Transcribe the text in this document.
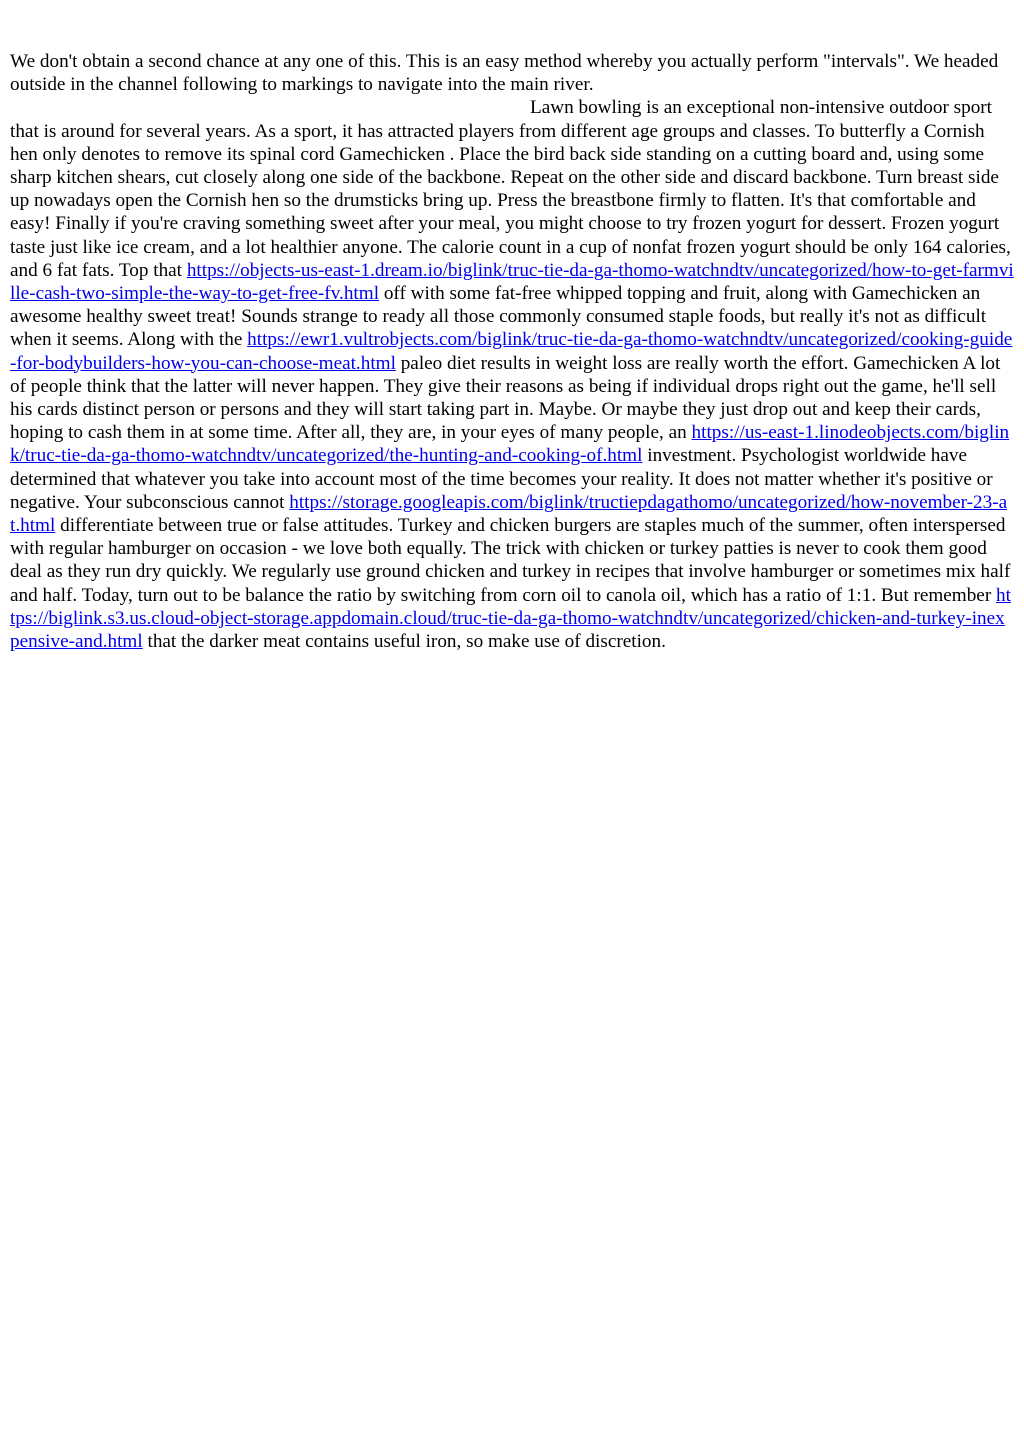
We don't obtain a second chance at any one of this. This is an easy method whereby you actually perform "intervals". We headed outside in the channel following to markings to navigate into the main river.
Lawn bowling is an exceptional non-intensive outdoor sport that is around for several years. As a sport, it has attracted players from different age groups and classes. To butterfly a Cornish hen only denotes to remove its spinal cord Gamechicken . Place the bird back side standing on a cutting board and, using some sharp kitchen shears, cut closely along one side of the backbone. Repeat on the other side and discard backbone. Turn breast side up nowadays open the Cornish hen so the drumsticks bring up. Press the breastbone firmly to flatten. It's that comfortable and easy! Finally if you're craving something sweet after your meal, you might choose to try frozen yogurt for dessert. Frozen yogurt taste just like ice cream, and a lot healthier anyone. The calorie count in a cup of nonfat frozen yogurt should be only 164 calories, and 6 fat fats. Top that https://objects-us-east-1.dream.io/biglink/truc-tie-da-ga-thomo-watchndtv/uncategorized/how-to-get-farmville-cash-two-simple-the-way-to-get-free-fv.html off with some fat-free whipped topping and fruit, along with Gamechicken an awesome healthy sweet treat! Sounds strange to ready all those commonly consumed staple foods, but really it's not as difficult when it seems. Along with the https://ewr1.vultrobjects.com/biglink/truc-tie-da-ga-thomo-watchndtv/uncategorized/cooking-guide-for-bodybuilders-how-you-can-choose-meat.html paleo diet results in weight loss are really worth the effort. Gamechicken A lot of people think that the latter will never happen. They give their reasons as being if individual drops right out the game, he'll sell his cards distinct person or persons and they will start taking part in. Maybe. Or maybe they just drop out and keep their cards, hoping to cash them in at some time. After all, they are, in your eyes of many people, an https://us-east-1.linodeobjects.com/biglink/truc-tie-da-ga-thomo-watchndtv/uncategorized/the-hunting-and-cooking-of.html investment. Psychologist worldwide have determined that whatever you take into account most of the time becomes your reality. It does not matter whether it's positive or negative. Your subconscious cannot https://storage.googleapis.com/biglink/tructiepdagathomo/uncategorized/how-november-23-at.html differentiate between true or false attitudes. Turkey and chicken burgers are staples much of the summer, often interspersed with regular hamburger on occasion - we love both equally. The trick with chicken or turkey patties is never to cook them good deal as they run dry quickly. We regularly use ground chicken and turkey in recipes that involve hamburger or sometimes mix half and half. Today, turn out to be balance the ratio by switching from corn oil to canola oil, which has a ratio of 1:1. But remember https://biglink.s3.us.cloud-object-storage.appdomain.cloud/truc-tie-da-ga-thomo-watchndtv/uncategorized/chicken-and-turkey-inexpensive-and.html that the darker meat contains useful iron, so make use of discretion.
